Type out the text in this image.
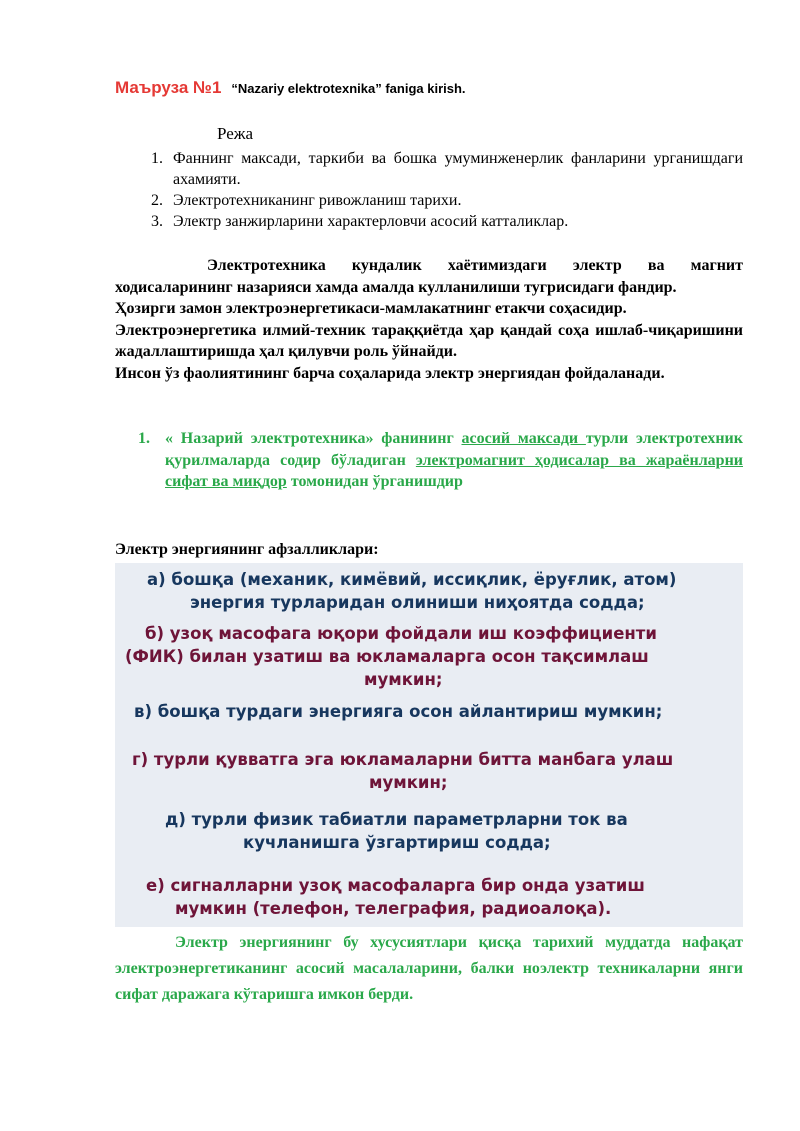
Маъруза №1 “Nazariy elektrotexnika” faniga kirish.
Режа
1. Фаннинг максади, таркиби ва бошка умуминженерлик фанларини урганишдаги ахамияти.
2. Электротехниканинг ривожланиш тарихи.
3. Электр занжирларини характерловчи асосий катталиклар.

Электротехника кундалик хаётимиздаги электр ва магнит ходисаларининг назарияси хамда амалда кулланилиши тугрисидаги фандир.

Ҳозирги замон электроэнергетикаси-мамлакатнинг етакчи соҳасидир.

Электроэнергетика илмий-техник тараққиётда ҳар қандай соҳа ишлаб-чиқаришини жадаллаштиришда ҳал қилувчи роль ўйнайди.

Инсон ўз фаолиятининг барча соҳаларида электр энергиядан фойдаланади.

1. « Назарий электротехника» фанининг асосий максади турли электротехник қурилмаларда содир бўладиган электромагнит ҳодисалар ва жараёнларни сифат ва миқдор томонидан ўрганишдир
Электр энергиянинг афзалликлари:
а) бошқа (механик, кимёвий, иссиқлик, ёруғлик, атом)
энергия турларидан олиниши ниҳоятда содда;
б) узоқ масофага юқори фойдали иш коэффициенти
(ФИК) билан узатиш ва юкламаларга осон тақсимлаш
мумкин;
в) бошқа турдаги энергияга осон айлантириш мумкин;
г) турли қувватга эга юкламаларни битта манбага улаш
мумкин;
д) турли физик табиатли параметрларни ток ва
кучланишга ўзгартириш содда;
е) сигналларни узоқ масофаларга бир онда узатиш
мумкин (телефон, телеграфия, радиоалоқа).

Электр энергиянинг бу хусусиятлари қисқа тарихий муддатда нафақат электроэнергетиканинг асосий масалаларини, балки ноэлектр техникаларни янги сифат даражага кўтаришга имкон берди.
